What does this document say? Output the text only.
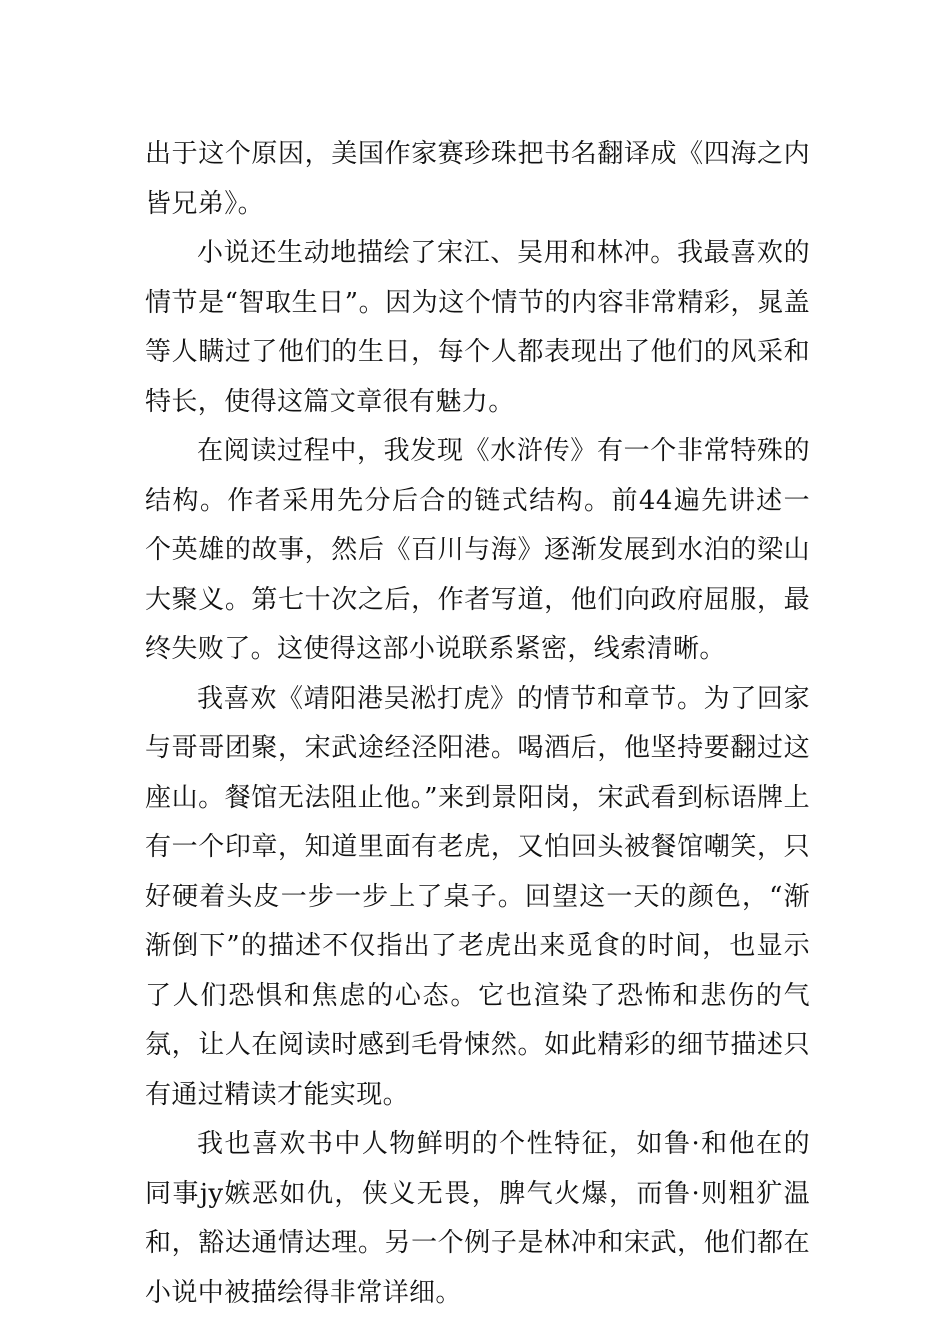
出于这个原因，美国作家赛珍珠把书名翻译成《四海之内皆兄弟》。

小说还生动地描绘了宋江、吴用和林冲。我最喜欢的情节是“智取生日”。因为这个情节的内容非常精彩，晁盖等人瞒过了他们的生日，每个人都表现出了他们的风采和特长，使得这篇文章很有魅力。

在阅读过程中，我发现《水浒传》有一个非常特殊的结构。作者采用先分后合的链式结构。前44遍先讲述一个英雄的故事，然后《百川与海》逐渐发展到水泊的梁山大聚义。第七十次之后，作者写道，他们向政府屈服，最终失败了。这使得这部小说联系紧密，线索清晰。

我喜欢《靖阳港吴淞打虎》的情节和章节。为了回家与哥哥团聚，宋武途经泾阳港。喝酒后，他坚持要翻过这座山。餐馆无法阻止他。”来到景阳岗，宋武看到标语牌上有一个印章，知道里面有老虎，又怕回头被餐馆嘲笑，只好硬着头皮一步一步上了桌子。回望这一天的颜色，“渐渐倒下”的描述不仅指出了老虎出来觅食的时间，也显示了人们恐惧和焦虑的心态。它也渲染了恐怖和悲伤的气氛，让人在阅读时感到毛骨悚然。如此精彩的细节描述只有通过精读才能实现。

我也喜欢书中人物鲜明的个性特征，如鲁·和他在的同事jy嫉恶如仇，侠义无畏，脾气火爆，而鲁·则粗犷温和，豁达通情达理。另一个例子是林冲和宋武，他们都在小说中被描绘得非常详细。
